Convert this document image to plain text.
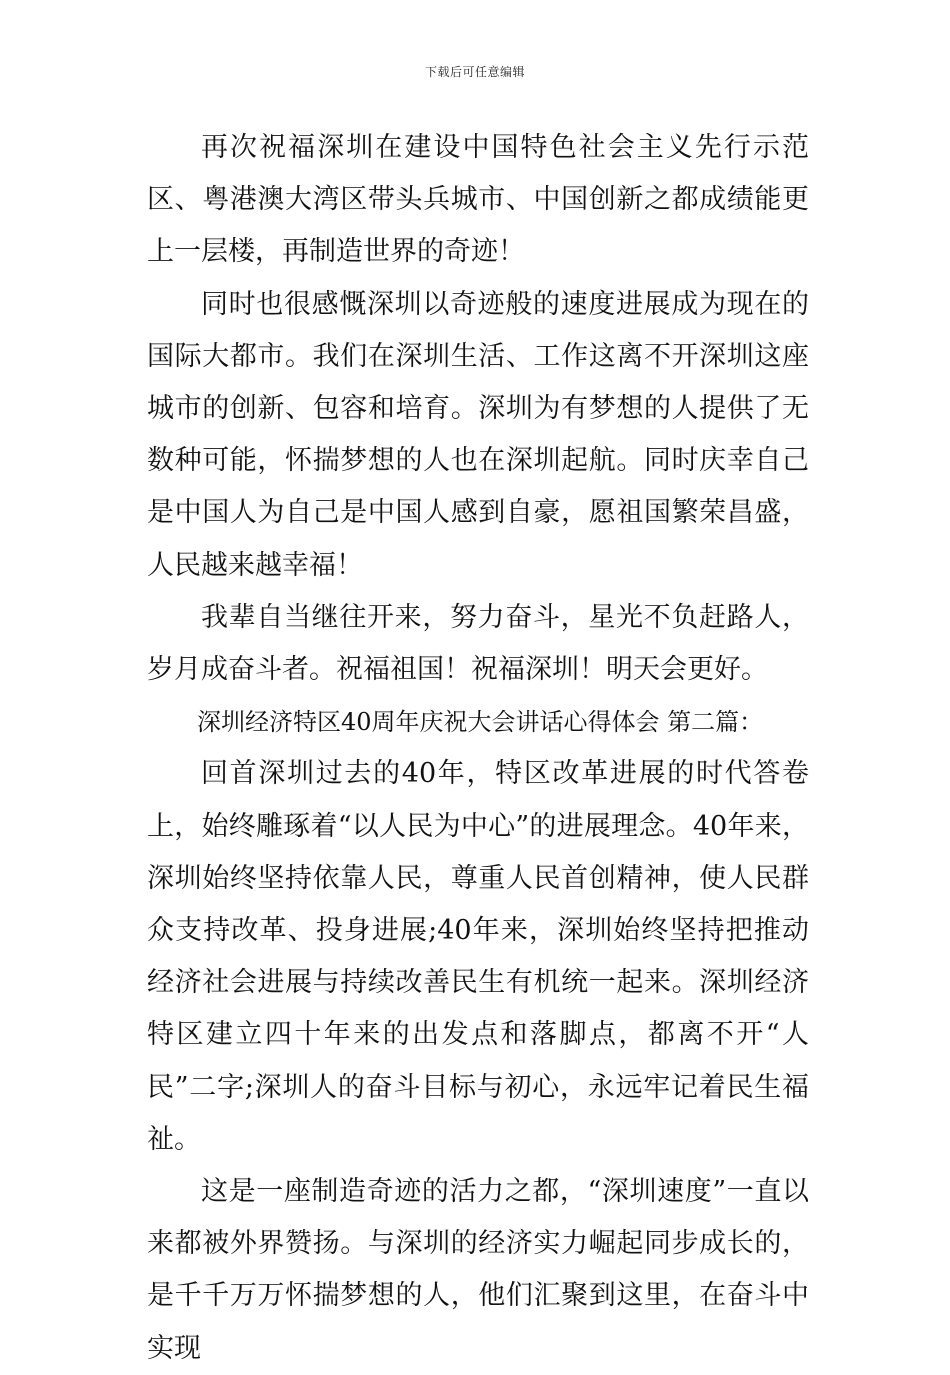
下载后可任意编辑

再次祝福深圳在建设中国特色社会主义先行示范区、粤港澳大湾区带头兵城市、中国创新之都成绩能更上一层楼，再制造世界的奇迹！

同时也很感慨深圳以奇迹般的速度进展成为现在的国际大都市。我们在深圳生活、工作这离不开深圳这座城市的创新、包容和培育。深圳为有梦想的人提供了无数种可能，怀揣梦想的人也在深圳起航。同时庆幸自己是中国人为自己是中国人感到自豪，愿祖国繁荣昌盛，人民越来越幸福！

我辈自当继往开来，努力奋斗，星光不负赶路人，岁月成奋斗者。祝福祖国！祝福深圳！明天会更好。

深圳经济特区40周年庆祝大会讲话心得体会 第二篇：

回首深圳过去的40年，特区改革进展的时代答卷上，始终雕琢着“以人民为中心”的进展理念。40年来，深圳始终坚持依靠人民，尊重人民首创精神，使人民群众支持改革、投身进展;40年来，深圳始终坚持把推动经济社会进展与持续改善民生有机统一起来。深圳经济特区建立四十年来的出发点和落脚点，都离不开“人民”二字;深圳人的奋斗目标与初心，永远牢记着民生福祉。

这是一座制造奇迹的活力之都，“深圳速度”一直以来都被外界赞扬。与深圳的经济实力崛起同步成长的，是千千万万怀揣梦想的人，他们汇聚到这里，在奋斗中实现
